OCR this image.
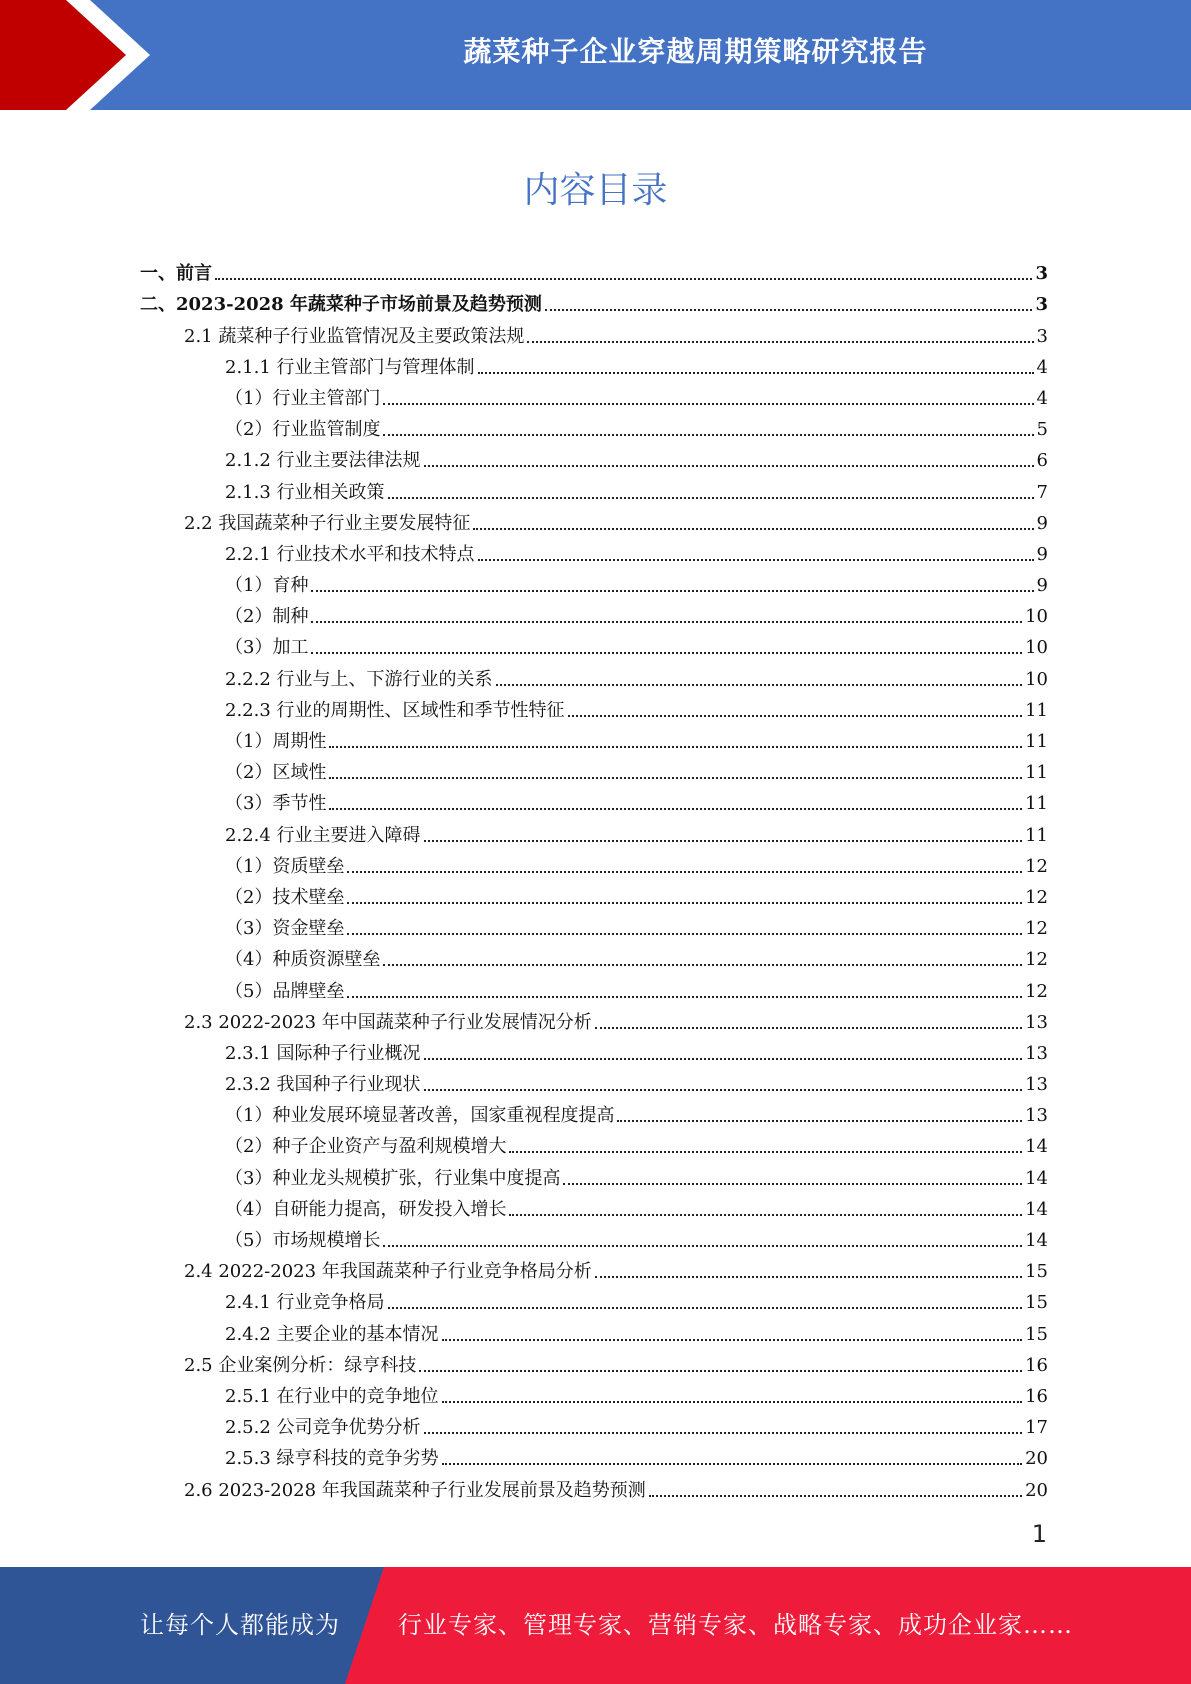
蔬菜种子企业穿越周期策略研究报告
内容目录
一、前言	3
二、2023-2028 年蔬菜种子市场前景及趋势预测	3
2.1 蔬菜种子行业监管情况及主要政策法规	3
2.1.1 行业主管部门与管理体制	4
（1）行业主管部门	4
（2）行业监管制度	5
2.1.2 行业主要法律法规	6
2.1.3 行业相关政策	7
2.2 我国蔬菜种子行业主要发展特征	9
2.2.1 行业技术水平和技术特点	9
（1）育种	9
（2）制种	10
（3）加工	10
2.2.2 行业与上、下游行业的关系	10
2.2.3 行业的周期性、区域性和季节性特征	11
（1）周期性	11
（2）区域性	11
（3）季节性	11
2.2.4 行业主要进入障碍	11
（1）资质壁垒	12
（2）技术壁垒	12
（3）资金壁垒	12
（4）种质资源壁垒	12
（5）品牌壁垒	12
2.3 2022-2023 年中国蔬菜种子行业发展情况分析	13
2.3.1 国际种子行业概况	13
2.3.2 我国种子行业现状	13
（1）种业发展环境显著改善，国家重视程度提高	13
（2）种子企业资产与盈利规模增大	14
（3）种业龙头规模扩张，行业集中度提高	14
（4）自研能力提高，研发投入增长	14
（5）市场规模增长	14
2.4 2022-2023 年我国蔬菜种子行业竞争格局分析	15
2.4.1 行业竞争格局	15
2.4.2 主要企业的基本情况	15
2.5 企业案例分析：绿亨科技	16
2.5.1 在行业中的竞争地位	16
2.5.2 公司竞争优势分析	17
2.5.3 绿亨科技的竞争劣势	20
2.6 2023-2028 年我国蔬菜种子行业发展前景及趋势预测	20
1
让每个人都能成为 行业专家、管理专家、营销专家、战略专家、成功企业家……
